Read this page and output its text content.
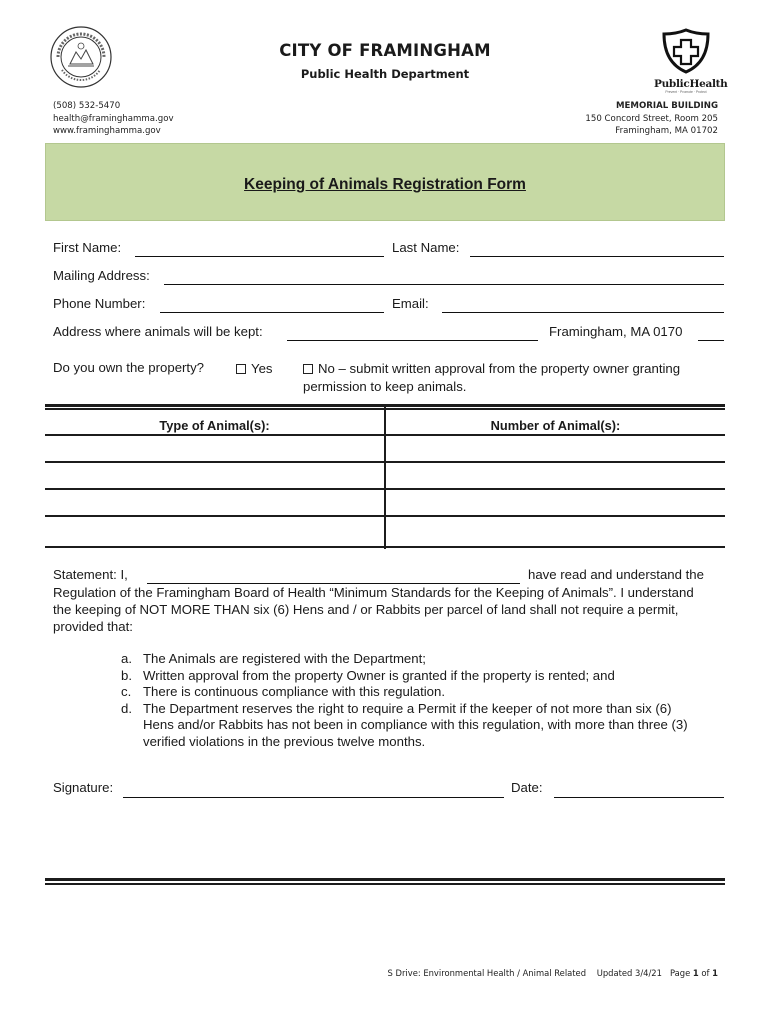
CITY OF FRAMINGHAM
Public Health Department
PublicHealth
Prevent · Promote · Protect
(508) 532-5470
health@framinghamma.gov
www.framinghamma.gov
MEMORIAL BUILDING
150 Concord Street, Room 205
Framingham, MA 01702
Keeping of Animals Registration Form
First Name:	Last Name:
Mailing Address:
Phone Number:	Email:
Address where animals will be kept:	Framingham, MA 0170
Do you own the property?	Yes	No – submit written approval from the property owner granting
permission to keep animals.
Type of Animal(s):	Number of Animal(s):
Statement: I,	have read and understand the
Regulation of the Framingham Board of Health “Minimum Standards for the Keeping of Animals”. I understand
the keeping of NOT MORE THAN six (6) Hens and / or Rabbits per parcel of land shall not require a permit,
provided that:
a. The Animals are registered with the Department;
b. Written approval from the property Owner is granted if the property is rented; and
c. There is continuous compliance with this regulation.
d. The Department reserves the right to require a Permit if the keeper of not more than six (6)
Hens and/or Rabbits has not been in compliance with this regulation, with more than three (3)
verified violations in the previous twelve months.
Signature:	Date:
S Drive: Environmental Health / Animal Related Updated 3/4/21 Page 1 of 1
